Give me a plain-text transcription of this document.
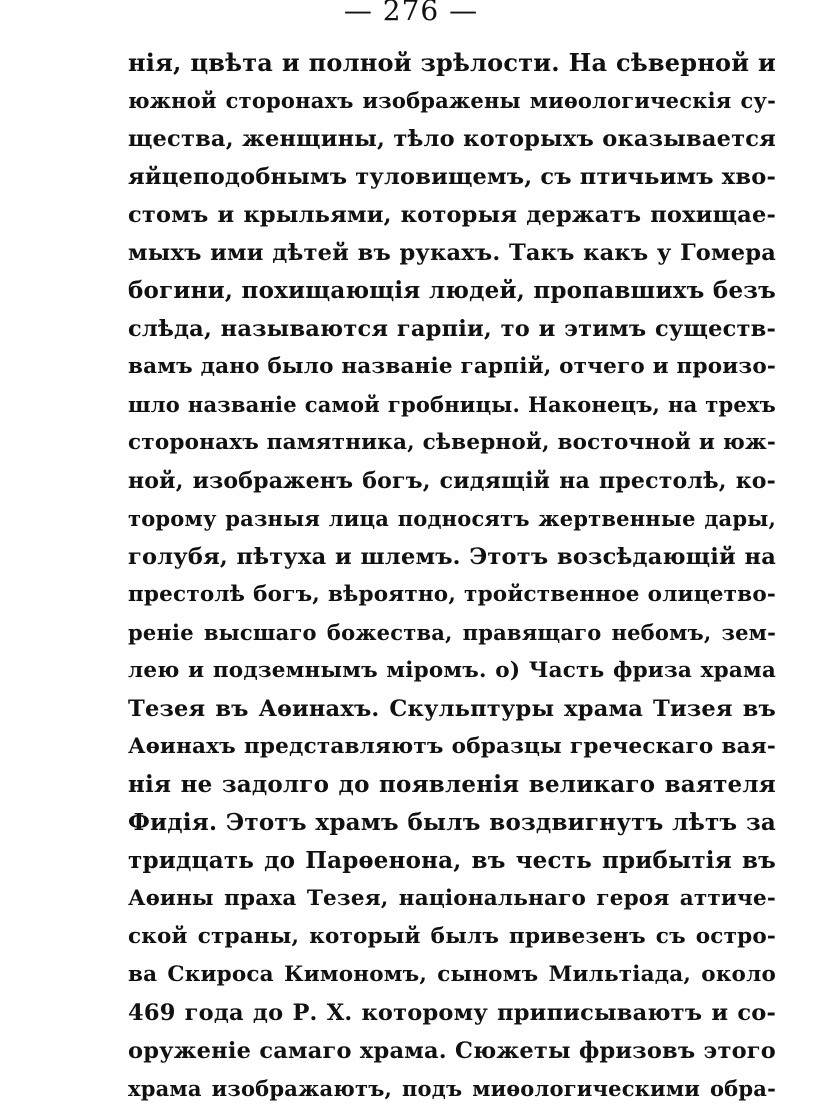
— 276 —
нія, цвѣта и полной зрѣлости. На сѣверной и
южной сторонахъ изображены миѳологическія су-
щества, женщины, тѣло которыхъ оказывается
яйцеподобнымъ туловищемъ, съ птичьимъ хво-
стомъ и крыльями, которыя держатъ похищае-
мыхъ ими дѣтей въ рукахъ. Такъ какъ у Гомера
богини, похищающія людей, пропавшихъ безъ
слѣда, называются гарпіи, то и этимъ существ-
вамъ дано было названіе гарпій, отчего и произо-
шло названіе самой гробницы. Наконецъ, на трехъ
сторонахъ памятника, сѣверной, восточной и юж-
ной, изображенъ богъ, сидящій на престолѣ, ко-
торому разныя лица подносятъ жертвенные дары,
голубя, пѣтуха и шлемъ. Этотъ возсѣдающій на
престолѣ богъ, вѣроятно, тройственное олицетво-
реніе высшаго божества, правящаго небомъ, зем-
лею и подземнымъ міромъ. о) Часть фриза храма
Тезея въ Аѳинахъ. Скульптуры храма Тизея въ
Аѳинахъ представляютъ образцы греческаго вая-
нія не задолго до появленія великаго ваятеля
Фидія. Этотъ храмъ былъ воздвигнутъ лѣтъ за
тридцать до Парѳенона, въ честь прибытія въ
Аѳины праха Тезея, національнаго героя аттиче-
ской страны, который былъ привезенъ съ остро-
ва Скироса Кимономъ, сыномъ Мильтіада, около
469 года до Р. Х. которому приписываютъ и со-
оруженіе самаго храма. Сюжеты фризовъ этого
храма изображаютъ, подъ миѳологическими обра-
